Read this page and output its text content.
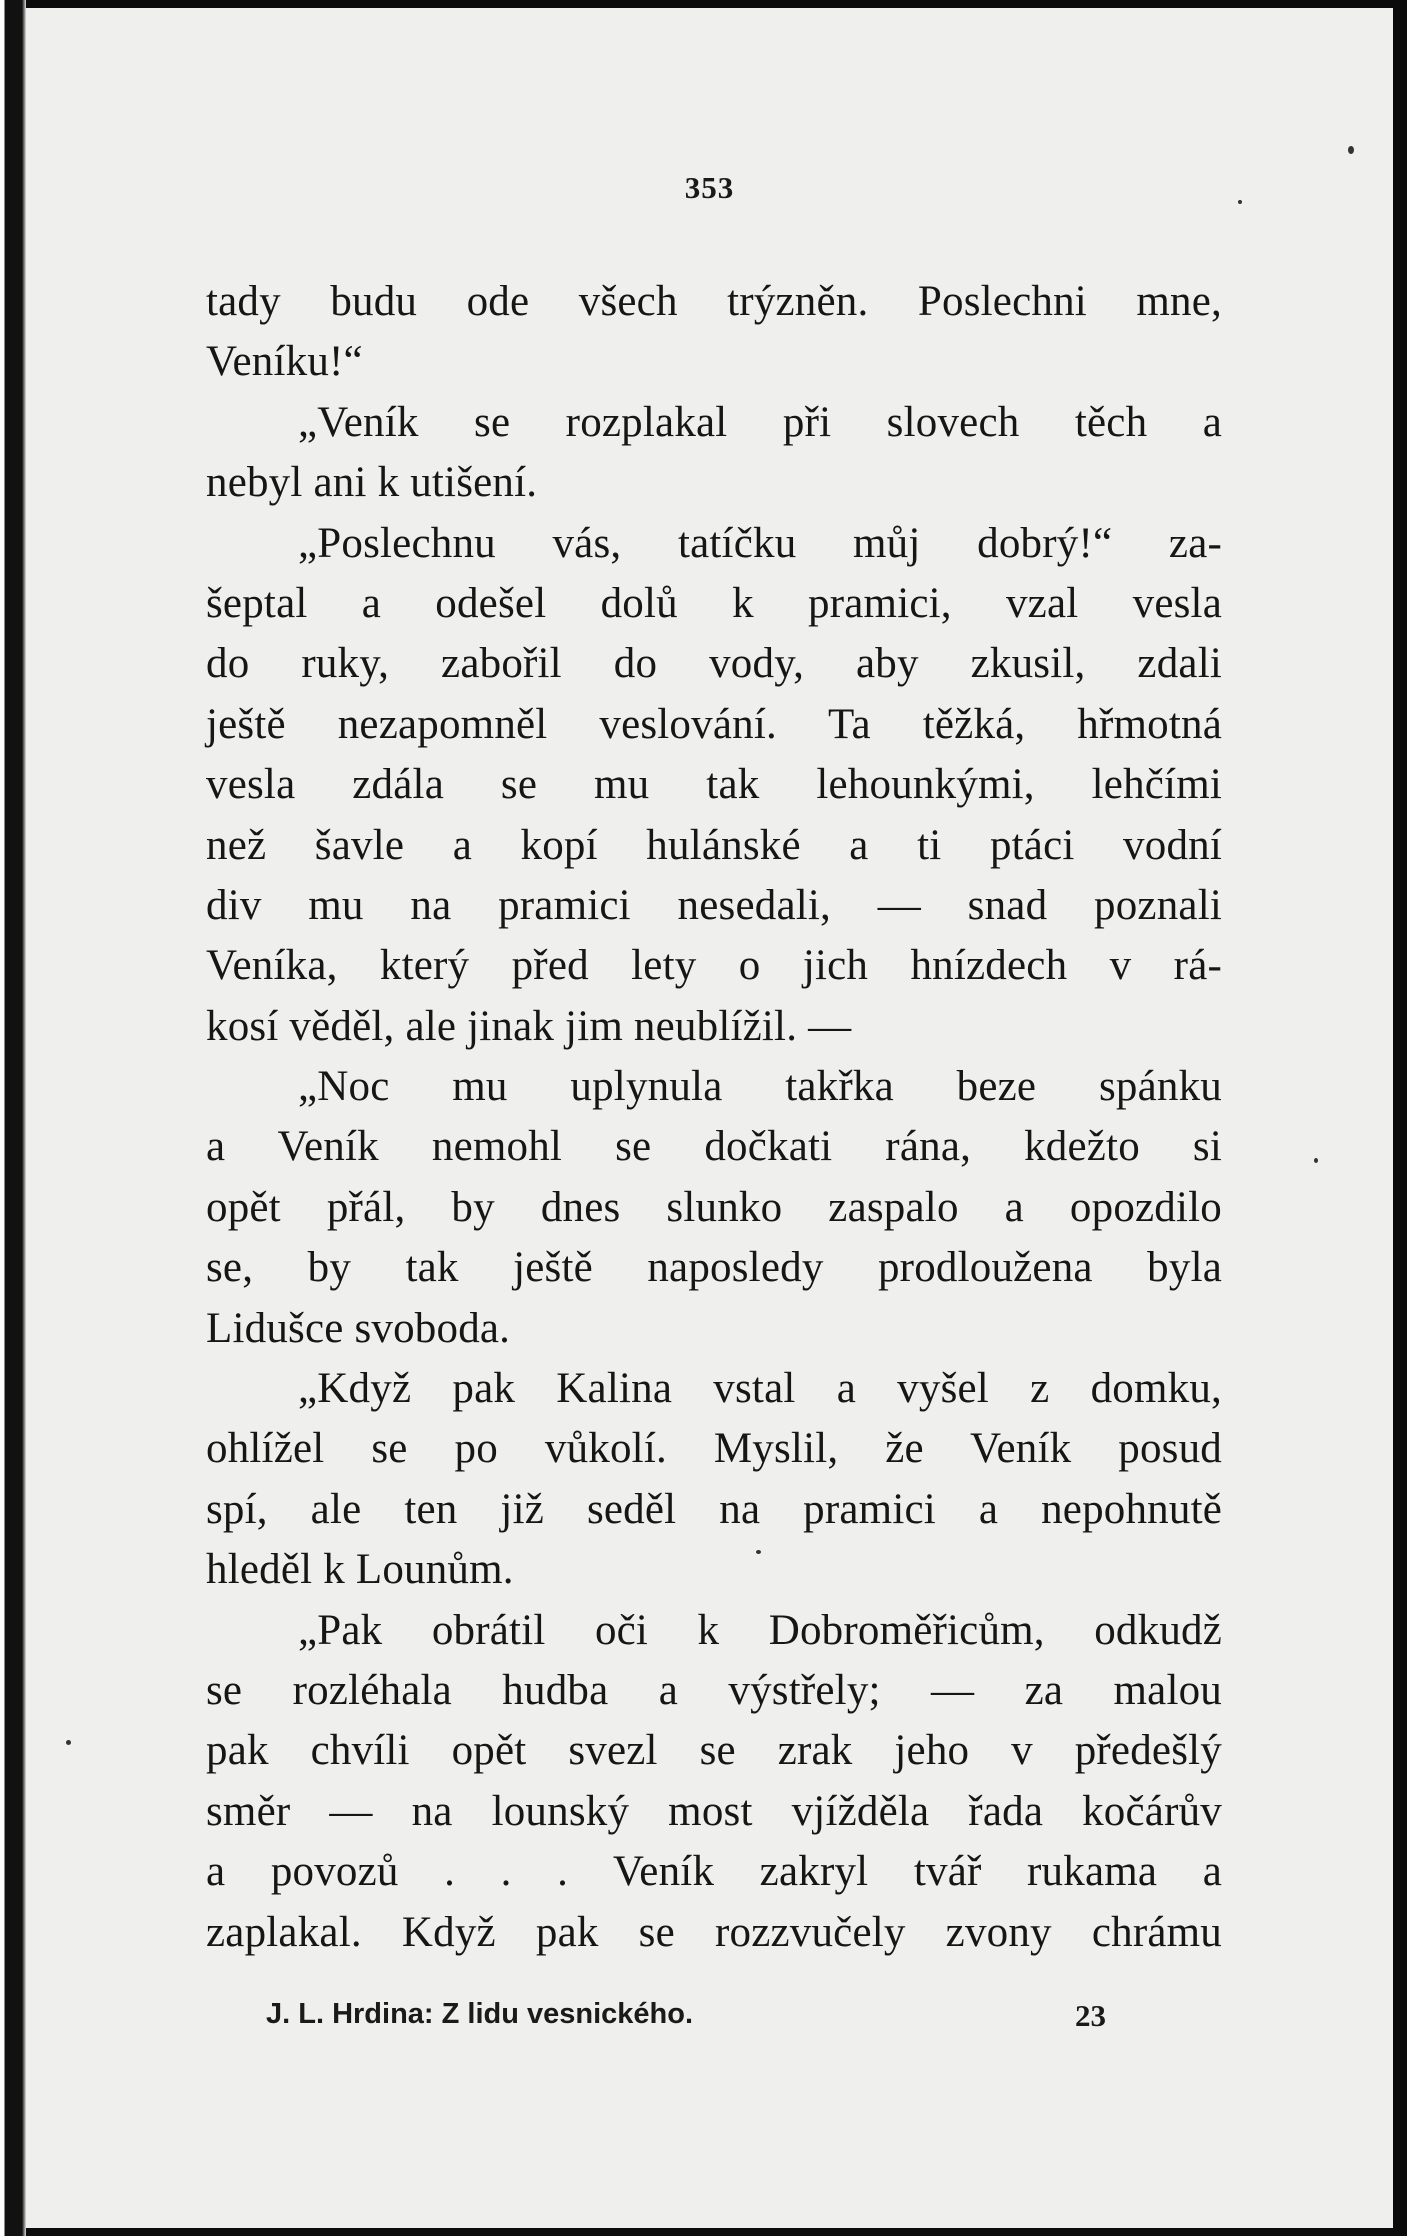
353
tady budu ode všech trýzněn. Poslechni mne,
Veníku!“
„Veník se rozplakal při slovech těch a
nebyl ani k utišení.
„Poslechnu vás, tatíčku můj dobrý!“ za-
šeptal a odešel dolů k pramici, vzal vesla
do ruky, zabořil do vody, aby zkusil, zdali
ještě nezapomněl veslování. Ta těžká, hřmotná
vesla zdála se mu tak lehounkými, lehčími
než šavle a kopí hulánské a ti ptáci vodní
div mu na pramici nesedali, — snad poznali
Veníka, který před lety o jich hnízdech v rá-
kosí věděl, ale jinak jim neublížil. —
„Noc mu uplynula takřka beze spánku
a Veník nemohl se dočkati rána, kdežto si
opět přál, by dnes slunko zaspalo a opozdilo
se, by tak ještě naposledy prodloužena byla
Lidušce svoboda.
„Když pak Kalina vstal a vyšel z domku,
ohlížel se po vůkolí. Myslil, že Veník posud
spí, ale ten již seděl na pramici a nepohnutě
hleděl k Lounům.
„Pak obrátil oči k Dobroměřicům, odkudž
se rozléhala hudba a výstřely; — za malou
pak chvíli opět svezl se zrak jeho v předešlý
směr — na lounský most vjížděla řada kočárův
a povozů . . . Veník zakryl tvář rukama a
zaplakal. Když pak se rozzvučely zvony chrámu
J. L. Hrdina: Z lidu vesnického.	23
